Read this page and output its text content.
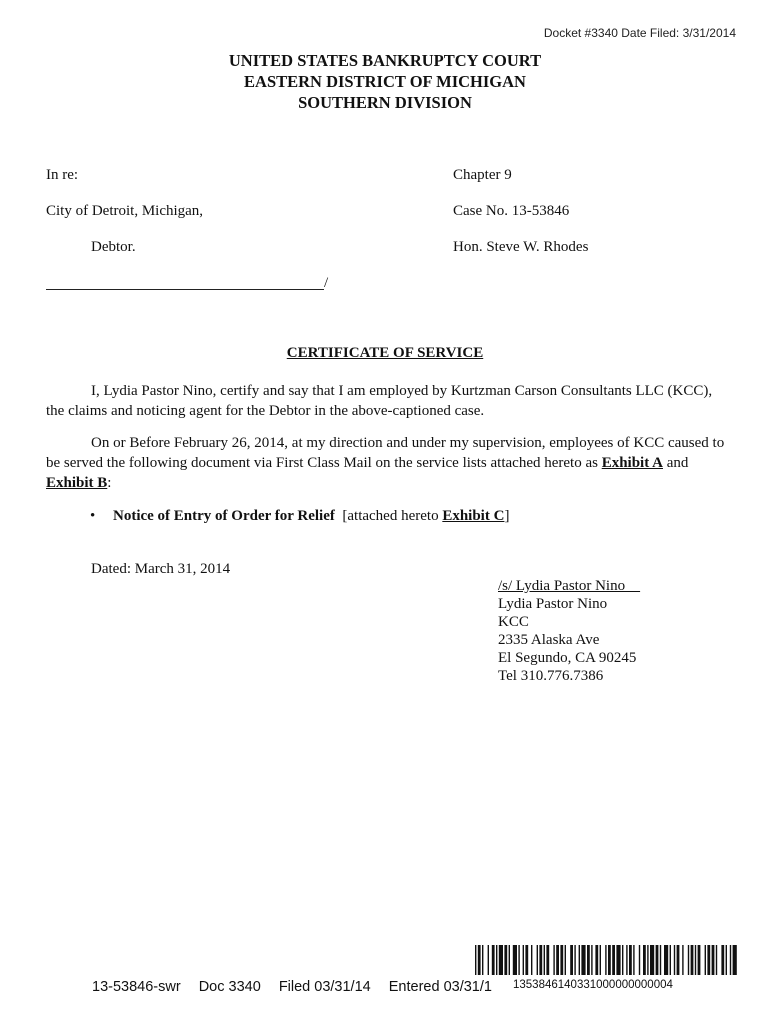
Docket #3340 Date Filed: 3/31/2014
UNITED STATES BANKRUPTCY COURT
EASTERN DISTRICT OF MICHIGAN
SOUTHERN DIVISION
In re:
City of Detroit, Michigan,
Debtor.
Chapter 9
Case No. 13-53846
Hon. Steve W. Rhodes
/
CERTIFICATE OF SERVICE

I, Lydia Pastor Nino, certify and say that I am employed by Kurtzman Carson Consultants LLC (KCC), the claims and noticing agent for the Debtor in the above-captioned case.

On or Before February 26, 2014, at my direction and under my supervision, employees of KCC caused to be served the following document via First Class Mail on the service lists attached hereto as Exhibit A and Exhibit B:

• Notice of Entry of Order for Relief  [attached hereto Exhibit C]
Dated: March 31, 2014
/s/ Lydia Pastor Nino
Lydia Pastor Nino
KCC
2335 Alaska Ave
El Segundo, CA 90245
Tel 310.776.7386
1353846140331000000000004
13-53846-swr Doc 3340 Filed 03/31/14 Entered 03/31/1
